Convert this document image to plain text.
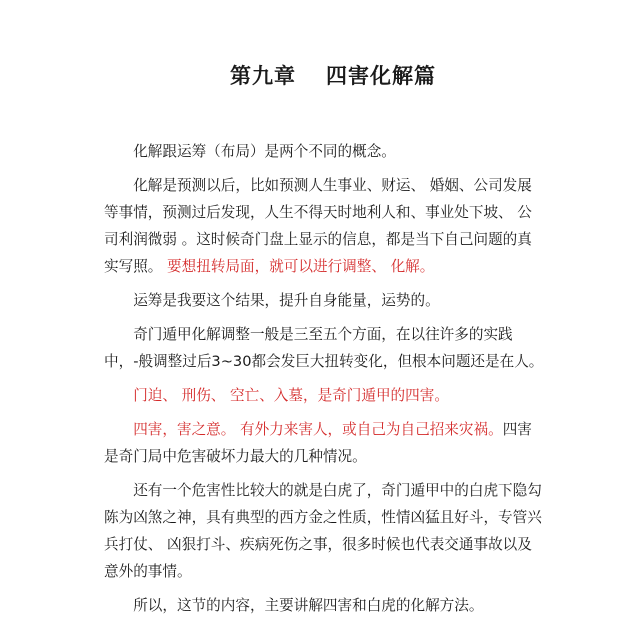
第九章 四害化解篇

化解跟运筹（布局）是两个不同的概念。

化解是预测以后，比如预测人生事业、财运、 婚姻、公司发展等事情，预测过后发现，人生不得天时地利人和、事业处下坡、 公司利润微弱 。这时候奇门盘上显示的信息，都是当下自己问题的真实写照。 要想扭转局面，就可以进行调整、 化解。

运筹是我要这个结果，提升自身能量，运势的。

奇门遁甲化解调整一般是三至五个方面，在以往许多的实践中，-般调整过后3~30都会发巨大扭转变化，但根本问题还是在人。

门迫、 刑伤、 空亡、入墓，是奇门遁甲的四害。

四害，害之意。 有外力来害人，或自己为自己招来灾祸。四害是奇门局中危害破坏力最大的几种情况。

还有一个危害性比较大的就是白虎了，奇门遁甲中的白虎下隐勾陈为凶煞之神，具有典型的西方金之性质，性情凶猛且好斗，专管兴兵打仗、 凶狠打斗、疾病死伤之事，很多时候也代表交通事故以及意外的事情。

所以，这节的内容，主要讲解四害和白虎的化解方法。
